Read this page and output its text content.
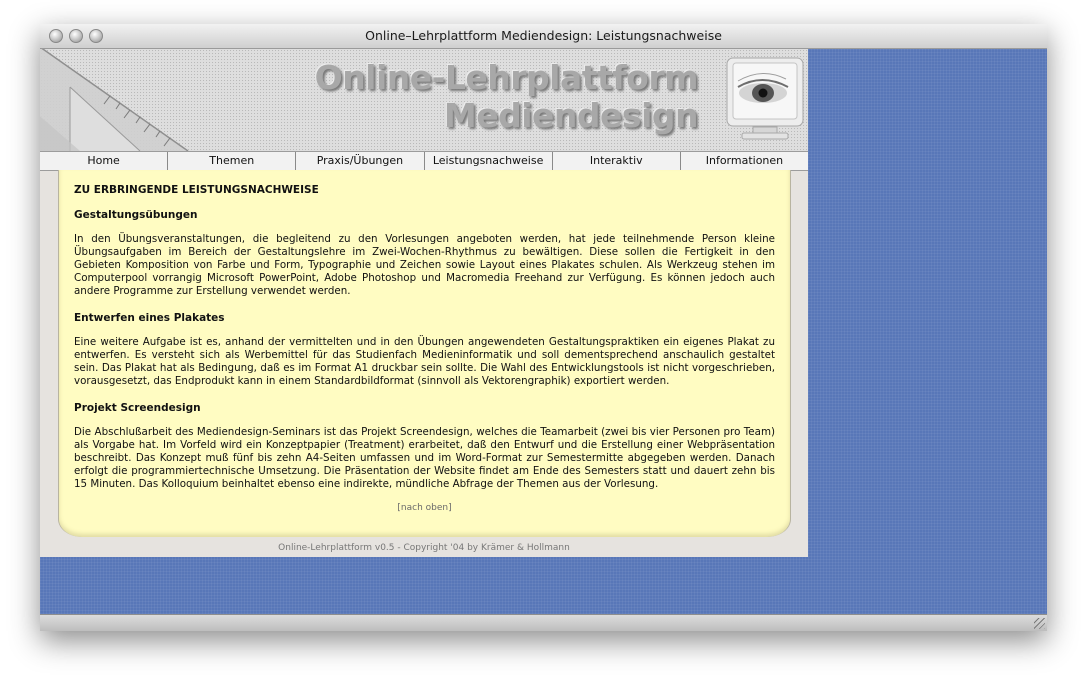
Online–Lehrplattform Mediendesign: Leistungsnachweise
Online-Lehrplattform
Mediendesign
Home	Themen	Praxis/Übungen	Leistungsnachweise	Interaktiv	Informationen
ZU ERBRINGENDE LEISTUNGSNACHWEISE
Gestaltungsübungen

In den Übungsveranstaltungen, die begleitend zu den Vorlesungen angeboten werden, hat jede teilnehmende Person kleine Übungsaufgaben im Bereich der Gestaltungslehre im Zwei-Wochen-Rhythmus zu bewältigen. Diese sollen die Fertigkeit in den Gebieten Komposition von Farbe und Form, Typographie und Zeichen sowie Layout eines Plakates schulen. Als Werkzeug stehen im Computerpool vorrangig Microsoft PowerPoint, Adobe Photoshop und Macromedia Freehand zur Verfügung. Es können jedoch auch andere Programme zur Erstellung verwendet werden.

Entwerfen eines Plakates

Eine weitere Aufgabe ist es, anhand der vermittelten und in den Übungen angewendeten Gestaltungspraktiken ein eigenes Plakat zu entwerfen. Es versteht sich als Werbemittel für das Studienfach Medieninformatik und soll dementsprechend anschaulich gestaltet sein. Das Plakat hat als Bedingung, daß es im Format A1 druckbar sein sollte. Die Wahl des Entwicklungstools ist nicht vorgeschrieben, vorausgesetzt, das Endprodukt kann in einem Standardbildformat (sinnvoll als Vektorengraphik) exportiert werden.

Projekt Screendesign

Die Abschlußarbeit des Mediendesign-Seminars ist das Projekt Screendesign, welches die Teamarbeit (zwei bis vier Personen pro Team) als Vorgabe hat. Im Vorfeld wird ein Konzeptpapier (Treatment) erarbeitet, daß den Entwurf und die Erstellung einer Webpräsentation beschreibt. Das Konzept muß fünf bis zehn A4-Seiten umfassen und im Word-Format zur Semestermitte abgegeben werden. Danach erfolgt die programmiertechnische Umsetzung. Die Präsentation der Website findet am Ende des Semesters statt und dauert zehn bis 15 Minuten. Das Kolloquium beinhaltet ebenso eine indirekte, mündliche Abfrage der Themen aus der Vorlesung.

[nach oben]
Online-Lehrplattform v0.5 - Copyright '04 by Krämer & Hollmann
